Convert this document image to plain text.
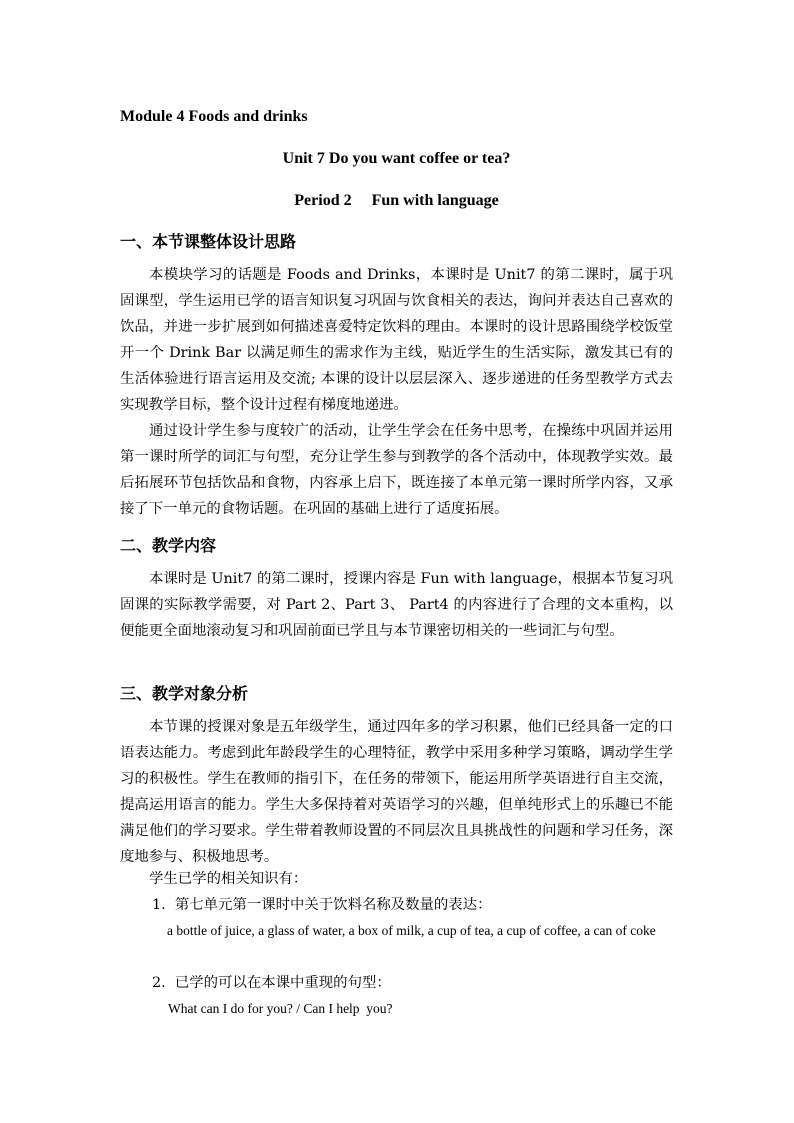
Module 4 Foods and drinks
Unit 7 Do you want coffee or tea?
Period 2     Fun with language
一、本节课整体设计思路

本模块学习的话题是 Foods and Drinks，本课时是 Unit7 的第二课时，属于巩固课型，学生运用已学的语言知识复习巩固与饮食相关的表达，询问并表达自己喜欢的饮品，并进一步扩展到如何描述喜爱特定饮料的理由。本课时的设计思路围绕学校饭堂开一个 Drink Bar 以满足师生的需求作为主线，贴近学生的生活实际，激发其已有的生活体验进行语言运用及交流; 本课的设计以层层深入、逐步递进的任务型教学方式去实现教学目标，整个设计过程有梯度地递进。

通过设计学生参与度较广的活动，让学生学会在任务中思考，在操练中巩固并运用第一课时所学的词汇与句型，充分让学生参与到教学的各个活动中，体现教学实效。最后拓展环节包括饮品和食物，内容承上启下，既连接了本单元第一课时所学内容，又承接了下一单元的食物话题。在巩固的基础上进行了适度拓展。

二、教学内容

本课时是 Unit7 的第二课时，授课内容是 Fun with language，根据本节复习巩固课的实际教学需要，对 Part 2、Part 3、 Part4 的内容进行了合理的文本重构，以便能更全面地滚动复习和巩固前面已学且与本节课密切相关的一些词汇与句型。

三、教学对象分析

本节课的授课对象是五年级学生，通过四年多的学习积累，他们已经具备一定的口语表达能力。考虑到此年龄段学生的心理特征，教学中采用多种学习策略，调动学生学习的积极性。学生在教师的指引下，在任务的带领下，能运用所学英语进行自主交流，提高运用语言的能力。学生大多保持着对英语学习的兴趣，但单纯形式上的乐趣已不能满足他们的学习要求。学生带着教师设置的不同层次且具挑战性的问题和学习任务，深度地参与、积极地思考。

学生已学的相关知识有：
1.  第七单元第一课时中关于饮料名称及数量的表达：

a bottle of juice, a glass of water, a box of milk, a cup of tea, a cup of coffee, a can of coke

2.  已学的可以在本课中重现的句型：
What can I do for you? / Can I help  you?
